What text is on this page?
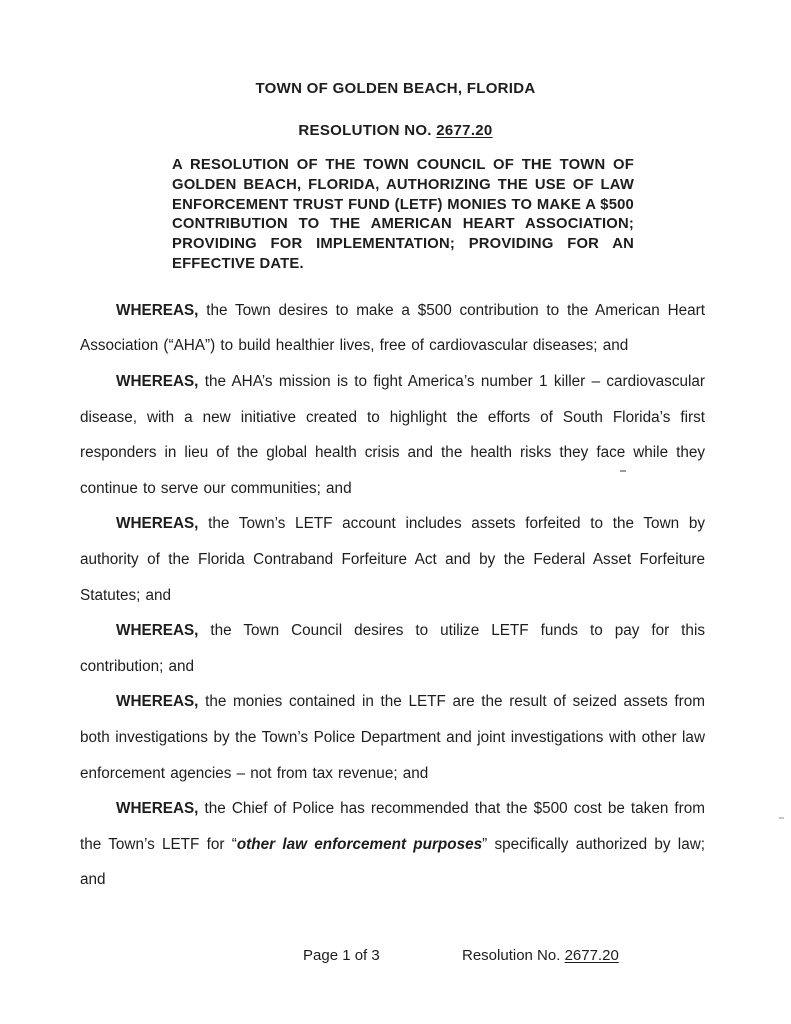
TOWN OF GOLDEN BEACH, FLORIDA
RESOLUTION NO. 2677.20

A RESOLUTION OF THE TOWN COUNCIL OF THE TOWN OF GOLDEN BEACH, FLORIDA, AUTHORIZING THE USE OF LAW ENFORCEMENT TRUST FUND (LETF) MONIES TO MAKE A $500 CONTRIBUTION TO THE AMERICAN HEART ASSOCIATION; PROVIDING FOR IMPLEMENTATION; PROVIDING FOR AN EFFECTIVE DATE.

WHEREAS, the Town desires to make a $500 contribution to the American Heart Association (“AHA”) to build healthier lives, free of cardiovascular diseases; and

WHEREAS, the AHA’s mission is to fight America’s number 1 killer – cardiovascular disease, with a new initiative created to highlight the efforts of South Florida’s first responders in lieu of the global health crisis and the health risks they face while they continue to serve our communities; and

WHEREAS, the Town’s LETF account includes assets forfeited to the Town by authority of the Florida Contraband Forfeiture Act and by the Federal Asset Forfeiture Statutes; and

WHEREAS, the Town Council desires to utilize LETF funds to pay for this contribution; and

WHEREAS, the monies contained in the LETF are the result of seized assets from both investigations by the Town’s Police Department and joint investigations with other law enforcement agencies – not from tax revenue; and

WHEREAS, the Chief of Police has recommended that the $500 cost be taken from the Town’s LETF for “other law enforcement purposes” specifically authorized by law; and

Page 1 of 3	Resolution No. 2677.20
